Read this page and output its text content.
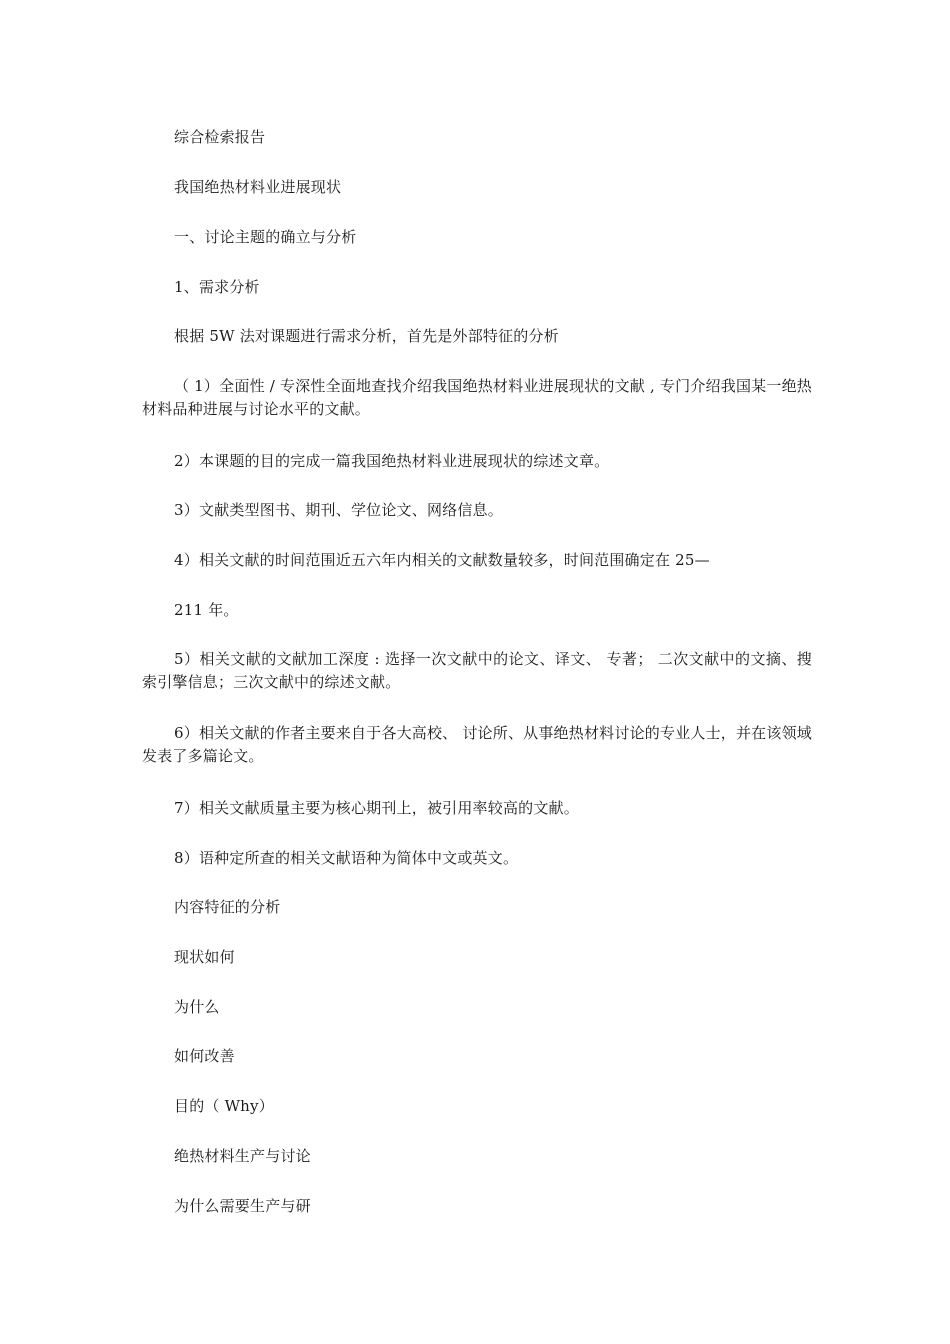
综合检索报告

我国绝热材料业进展现状

一、讨论主题的确立与分析

1、需求分析

根据 5W 法对课题进行需求分析，首先是外部特征的分析

（ 1）全面性 / 专深性全面地查找介绍我国绝热材料业进展现状的文献 , 专门介绍我国某一绝热材料品种进展与讨论水平的文献。

2）本课题的目的完成一篇我国绝热材料业进展现状的综述文章。

3）文献类型图书、期刊、学位论文、网络信息。

4）相关文献的时间范围近五六年内相关的文献数量较多，时间范围确定在 25—

211 年。

5）相关文献的文献加工深度 : 选择一次文献中的论文、译文、 专著； 二次文献中的文摘、搜索引擎信息；三次文献中的综述文献。

6）相关文献的作者主要来自于各大高校、 讨论所、从事绝热材料讨论的专业人士，并在该领域发表了多篇论文。

7）相关文献质量主要为核心期刊上，被引用率较高的文献。

8）语种定所查的相关文献语种为简体中文或英文。

内容特征的分析

现状如何

为什么

如何改善

目的（ Why）

绝热材料生产与讨论

为什么需要生产与研
